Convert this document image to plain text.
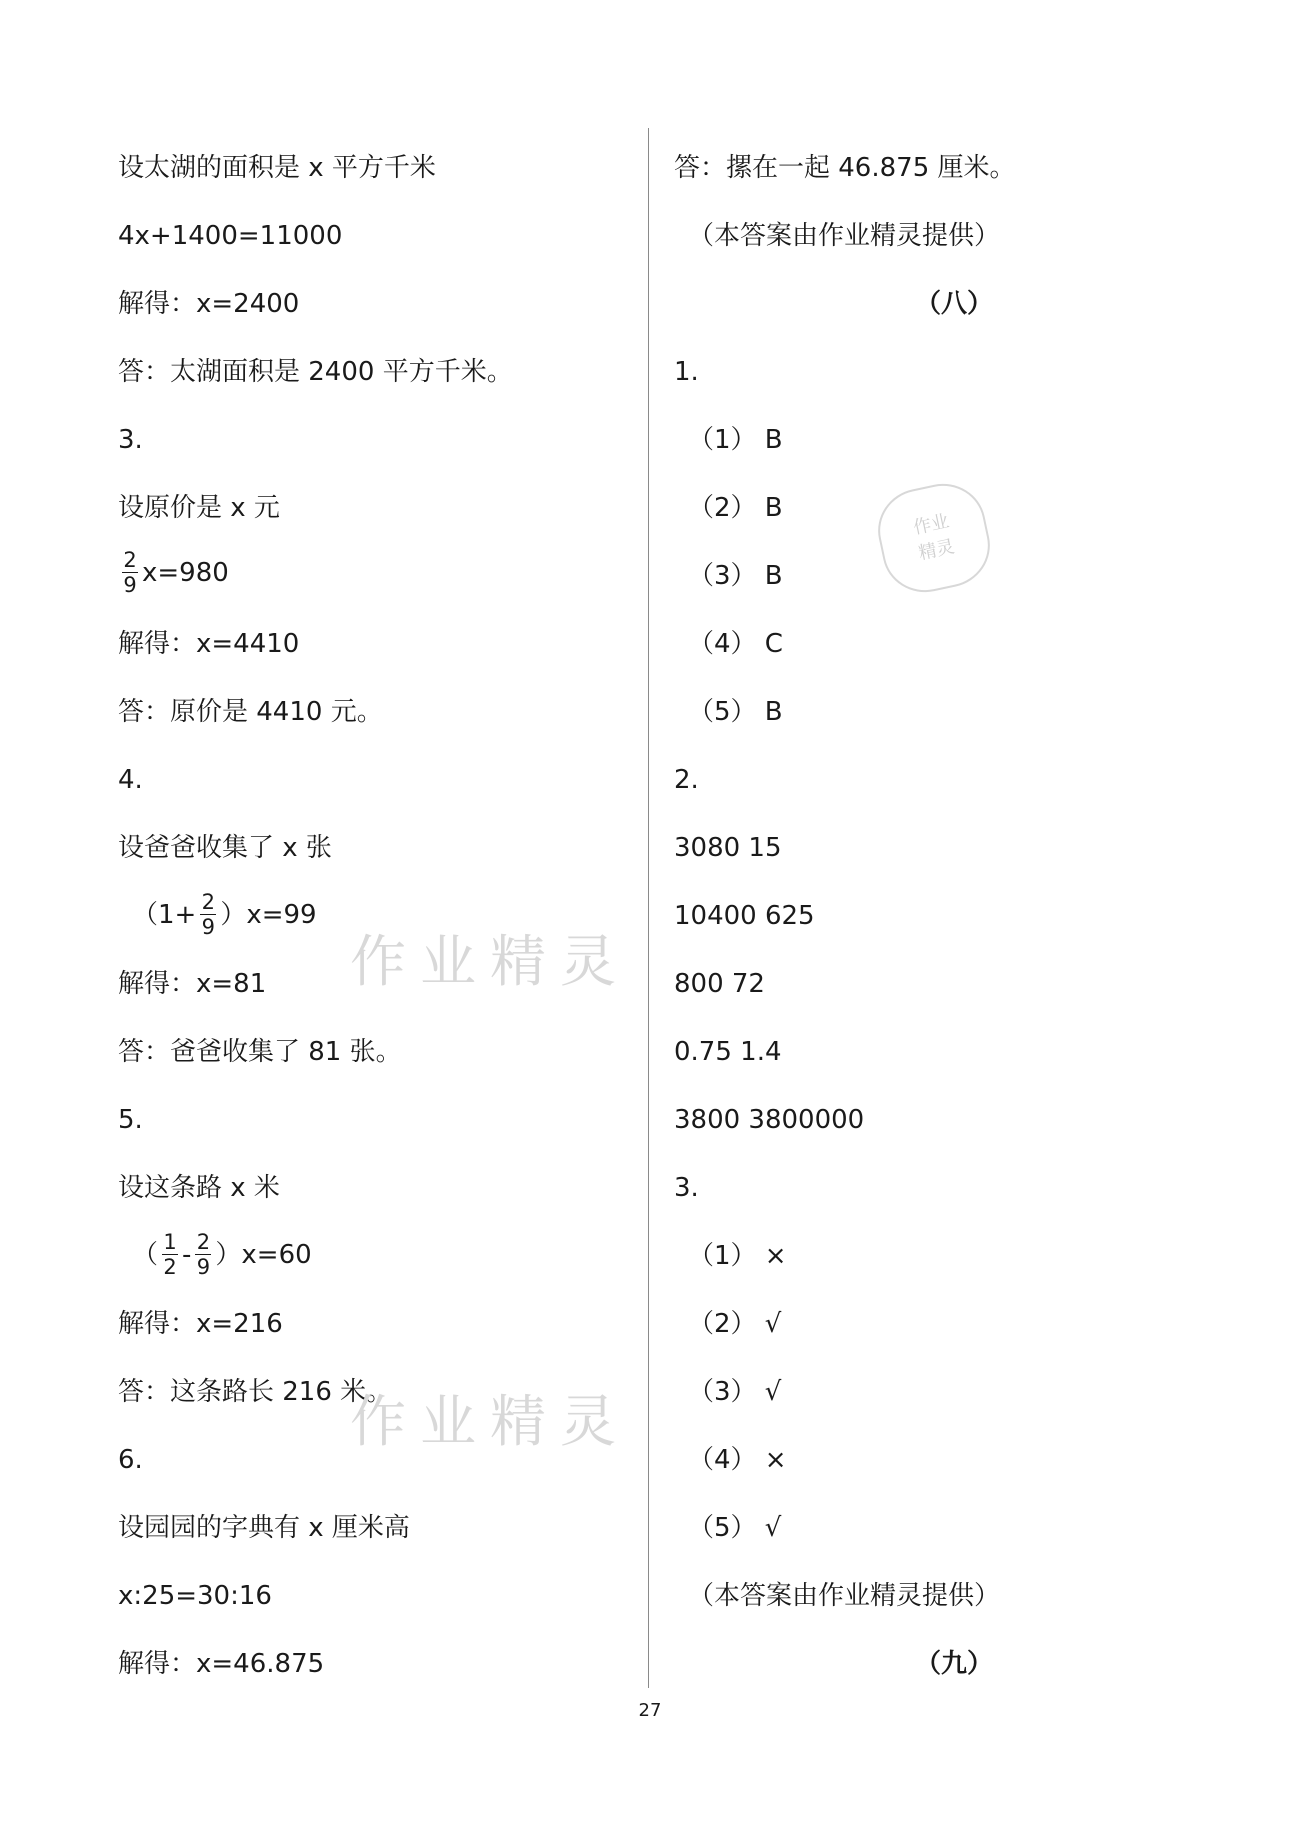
设太湖的面积是 x 平方千米
4x+1400=11000
解得：x=2400
答：太湖面积是 2400 平方千米。
3.
设原价是 x 元
$\frac{2}{9} x=980$
解得：x=4410
答：原价是 4410 元。
4.
设爸爸收集了 x 张
$(1+ \frac{2}{9} )x=99$
解得：x=81
答：爸爸收集了 81 张。
5.
设这条路 x 米
（ $\frac{1}{2} - \frac{2}{9} )x=60$
解得：x=216
答：这条路长 216 米。
6.
设园园的字典有 x 厘米高
x:25=30:16
解得：x=46.875
答：摞在一起 46.875 厘米。
（本答案由作业精灵提供）
（八）
1.
（1） B
（2） B
（3） B
（4） C
（5） B
2.
3080 15
10400 625
800 72
0.75 1.4
3800 3800000
3.
（1） ×
（2） √
（3） √
（4） ×
（5） √
（本答案由作业精灵提供）
（九）
作业精灵
作业精灵
作业
精灵
27
